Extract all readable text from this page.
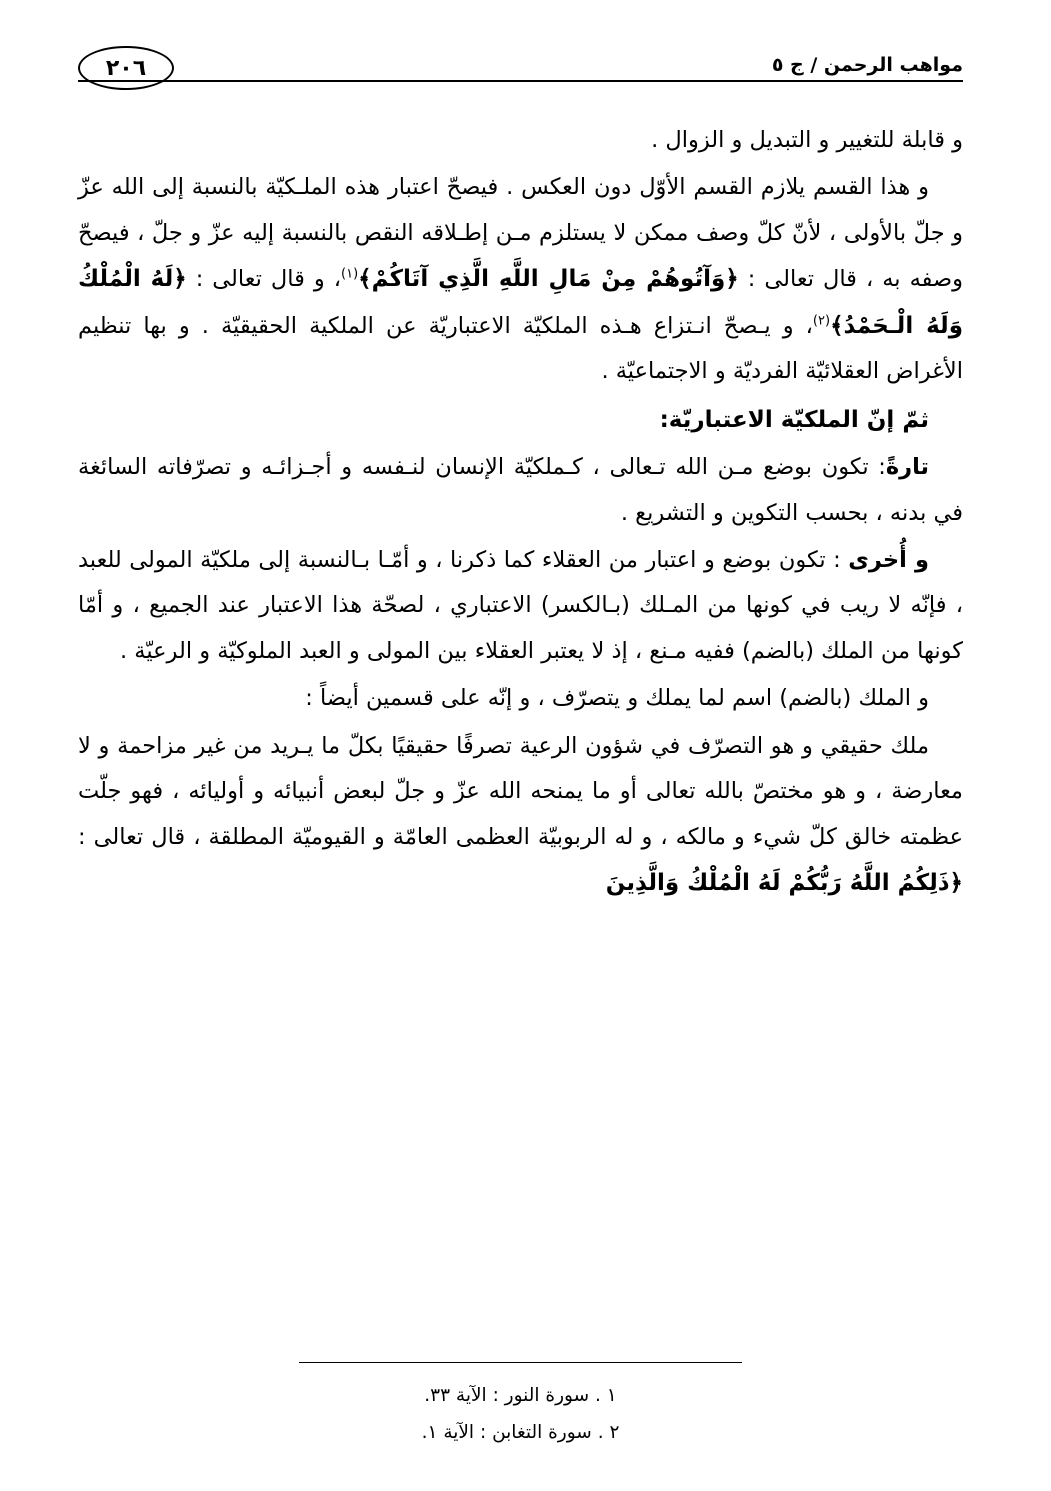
مواهب الرحمن / ج ٥
٢٠٦

و قابلة للتغيير و التبديل و الزوال .

و هذا القسم يلازم القسم الأوّل دون العكس . فيصحّ اعتبار هذه الملـكيّة بالنسبة إلى الله عزّ و جلّ بالأولى ، لأنّ كلّ وصف ممكن لا يستلزم مـن إطـلاقه النقص بالنسبة إليه عزّ و جلّ ، فيصحّ وصفه به ، قال تعالى : ﴿وَآتُوهُمْ مِنْ مَالِ اللَّهِ الَّذِي آتَاكُمْ﴾$^{(١)}$، و قال تعالى : ﴿لَهُ الْمُلْكُ وَلَهُ الْـحَمْدُ﴾$^{(٢)}$، و يـصحّ انـتزاع هـذه الملكيّة الاعتباريّة عن الملكية الحقيقيّة . و بها تنظيم الأغراض العقلائيّة الفرديّة و الاجتماعيّة .

ثمّ إنّ الملكيّة الاعتباريّة:

تارةً: تكون بوضع مـن الله تـعالى ، كـملكيّة الإنسان لنـفسه و أجـزائـه و تصرّفاته السائغة في بدنه ، بحسب التكوين و التشريع .

و أُخرى : تكون بوضع و اعتبار من العقلاء كما ذكرنا ، و أمّـا بـالنسبة إلى ملكيّة المولى للعبد ، فإنّه لا ريب في كونها من المـلك (بـالكسر) الاعتباري ، لصحّة هذا الاعتبار عند الجميع ، و أمّا كونها من الملك (بالضم) ففيه مـنع ، إذ لا يعتبر العقلاء بين المولى و العبد الملوكيّة و الرعيّة .

و الملك (بالضم) اسم لما يملك و يتصرّف ، و إنّه على قسمين أيضاً :

ملك حقيقي و هو التصرّف في شؤون الرعية تصرفًا حقيقيًا بكلّ ما يـريد من غير مزاحمة و لا معارضة ، و هو مختصّ بالله تعالى أو ما يمنحه الله عزّ و جلّ لبعض أنبيائه و أوليائه ، فهو جلّت عظمته خالق كلّ شيء و مالكه ، و له الربوبيّة العظمى العامّة و القيوميّة المطلقة ، قال تعالى : ﴿ذَلِكُمُ اللَّهُ رَبُّكُمْ لَهُ الْمُلْكُ وَالَّذِينَ

١ . سورة النور : الآية ٣٣.

٢ . سورة التغابن : الآية ١.
